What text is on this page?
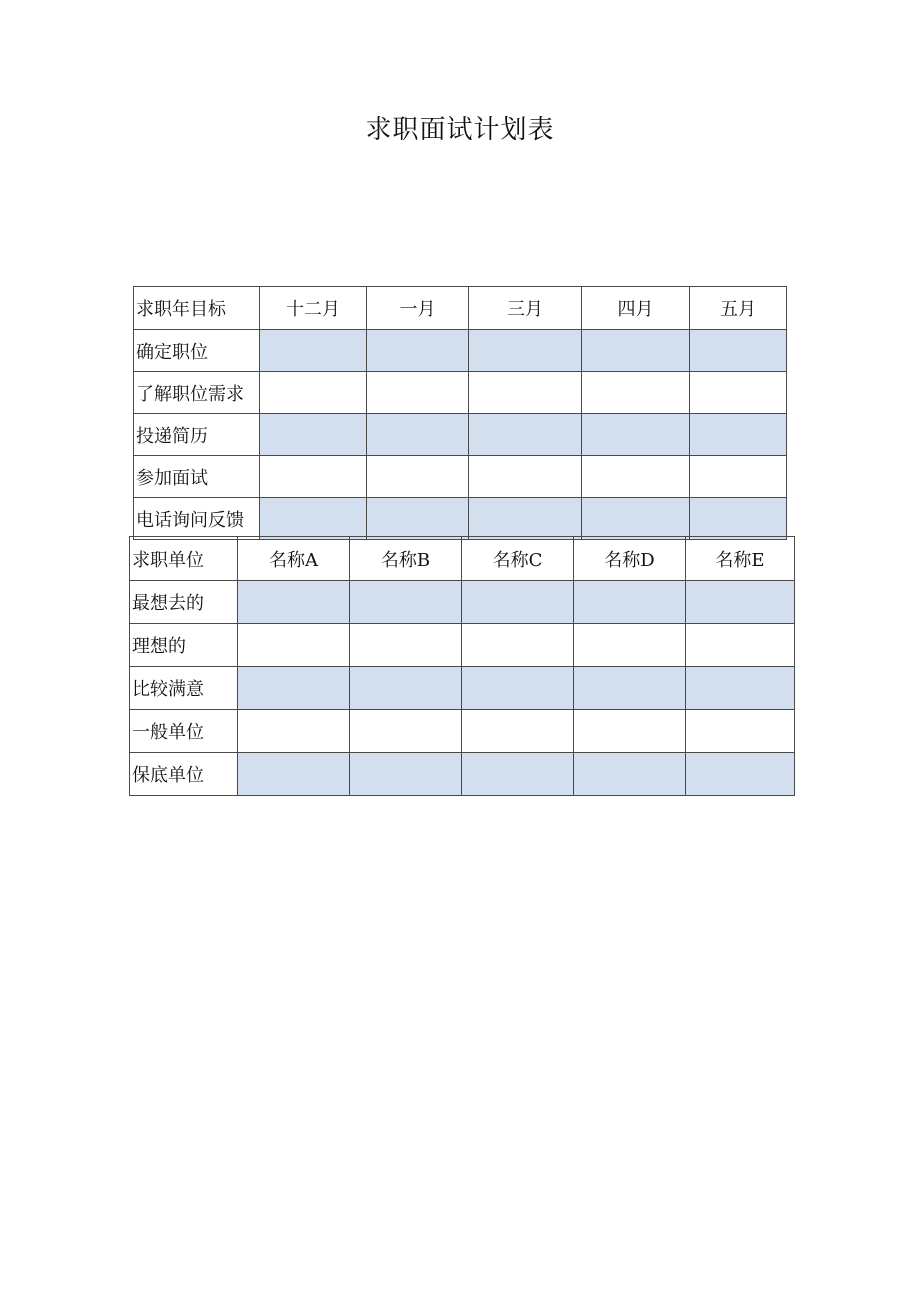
求职面试计划表
求职年目标	十二月	一月	三月	四月	五月
确定职位					
了解职位需求					
投递简历					
参加面试					
电话询问反馈					
求职单位	名称A	名称B	名称C	名称D	名称E
最想去的					
理想的					
比较满意					
一般单位					
保底单位					
